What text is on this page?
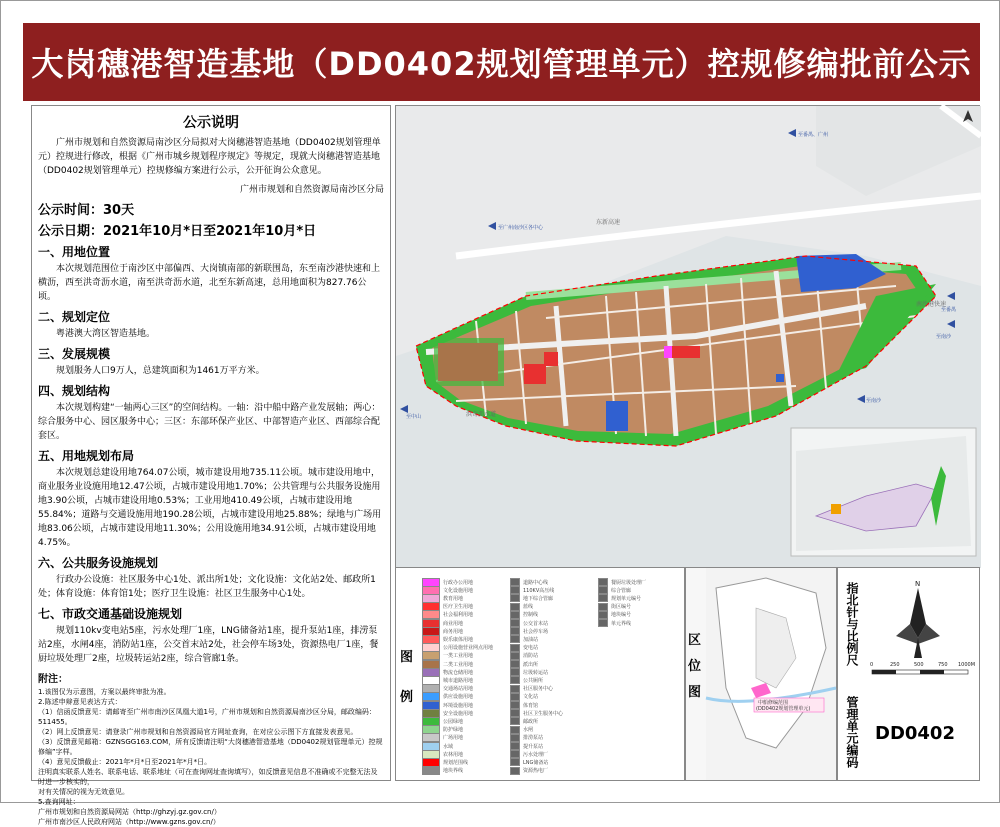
大岗穗港智造基地（DD0402规划管理单元）控规修编批前公示
公示说明

广州市规划和自然资源局南沙区分局拟对大岗穗港智造基地（DD0402规划管理单元）控规进行修改，根据《广州市城乡规划程序规定》等规定，现就大岗穗港智造基地（DD0402规划管理单元）控规修编方案进行公示，公开征询公众意见。

广州市规划和自然资源局南沙区分局

公示时间：30天

公示日期：2021年10月*日至2021年10月*日

一、用地位置

本次规划范围位于南沙区中部偏西、大岗镇南部的新联围岛，东至南沙港快速和上横沥，西至洪奇沥水道，南至洪奇沥水道，北至东新高速，总用地面积为827.76公顷。

二、规划定位

粤港澳大湾区智造基地。

三、发展规模

规划服务人口9万人，总建筑面积为1461万平方米。

四、规划结构

本次规划构建“一轴两心三区”的空间结构。一轴：沿中船中路产业发展轴；两心：综合服务中心、园区服务中心；三区：东部环保产业区、中部智造产业区、西部综合配套区。

五、用地规划布局

本次规划总建设用地764.07公顷，城市建设用地735.11公顷。城市建设用地中，商业服务业设施用地12.47公顷，占城市建设用地1.70%；公共管理与公共服务设施用地3.90公顷，占城市建设用地0.53%；工业用地410.49公顷，占城市建设用地55.84%；道路与交通设施用地190.28公顷，占城市建设用地25.88%；绿地与广场用地83.06公顷，占城市建设用地11.30%；公用设施用地34.91公顷，占城市建设用地4.75%。

六、公共服务设施规划

行政办公设施：社区服务中心1处、派出所1处；文化设施：文化站2处、邮政所1处；体育设施：体育馆1处；医疗卫生设施：社区卫生服务中心1处。

七、市政交通基础设施规划

规划110kv变电站5座，污水处理厂1座，LNG储备站1座，提升泵站1座，排涝泵站2座，水闸4座，消防站1座，公交首末站2处，社会停车场3处，资源热电厂1座，餐厨垃圾处理厂2座，垃圾转运站2座，综合管廊1条。

附注：

1.该图仅为示意图，方案以最终审批为准。

2.陈述申辩意见表达方式：

（1）信函反馈意见：请邮寄至广州市南沙区凤凰大道1号，广州市规划和自然资源局南沙区分局，邮政编码：511455。

（2）网上反馈意见：请登录广州市规划和自然资源局官方网址查询，在对应公示图下方直接发表意见。

（3）反馈意见邮箱：GZNSGG163.COM，所有反馈请注明“大岗穗港智造基地（DD0402规划管理单元）控规修编”字样。

（4）意见反馈截止：2021年*月*日至2021年*月*日。

注明真实联系人姓名、联系电话、联系地址（可在查询网址查询填写），如反馈意见信息不准确或不完整无法及时进一步核实的，

对有关情况的视为无效意见。

5.查询网址：

广州市规划和自然资源局网站（http://ghzyj.gz.gov.cn/）

广州市南沙区人民政府网站（http://www.gzns.gov.cn/）

洪奇沥水道
南沙港快速
东新高速
至番禺、广州
至广州南沙区各中心
至中山
至南沙
至南沙
至番禺
图例
行政办公用地
文化设施用地
教育用地
医疗卫生用地
社会福利用地
商业用地
商务用地
娱乐康体用地
公用设施营业网点用地
一类工业用地
二类工业用地
物流仓储用地
城市道路用地
交通场站用地
供应设施用地
环境设施用地
安全设施用地
公园绿地
防护绿地
广场用地
水域
农林用地
规划范围线
地块界线
道路中心线
110KV高压线
地下综合管廊
蓝线
控制线
公交首末站
社会停车场
加油站
变电站
消防站
派出所
垃圾转运站
公共厕所
社区服务中心
文化站
体育馆
社区卫生服务中心
邮政所
水闸
排涝泵站
提升泵站
污水处理厂
LNG储备站
资源热电厂
餐厨垃圾处理厂
综合管廊
规划单元编号
街区编号
地块编号
单元界线
区位图
中船修编范围
(DD0402规划管理单元)
指北针与比例尺	N
0	250	500	750 1000M
管理单元编码 DD0402
